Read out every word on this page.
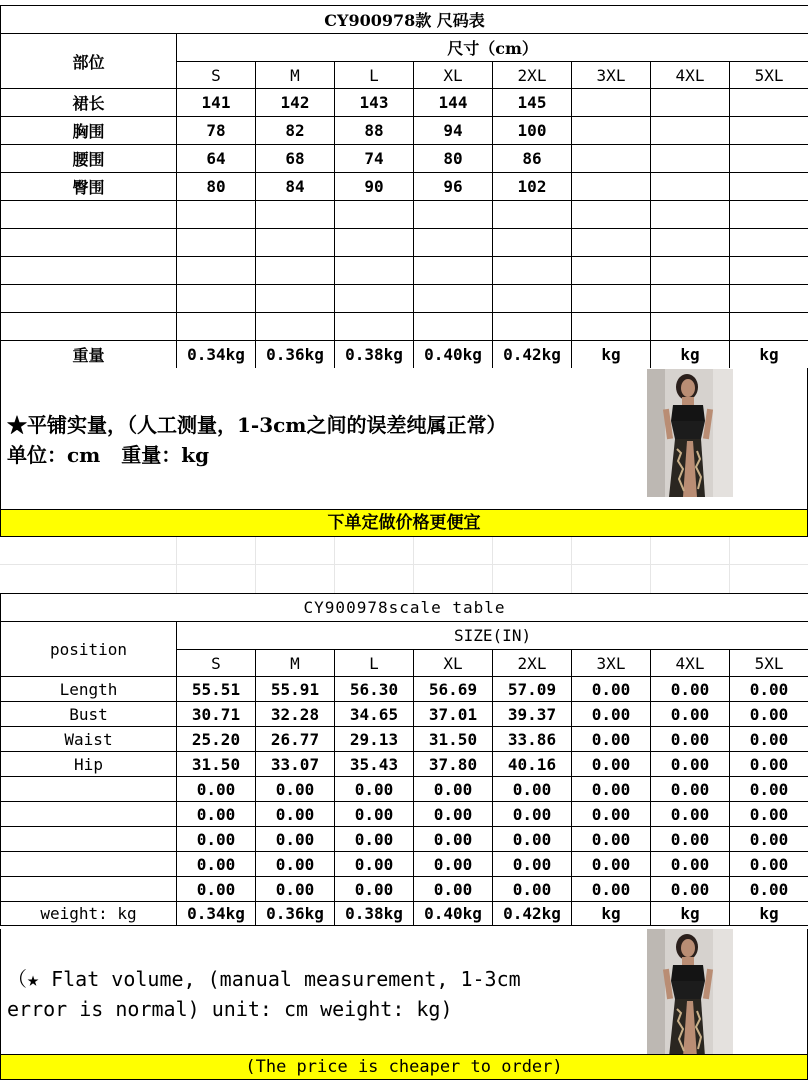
CY900978款 尺码表								
部位	尺寸（cm）							
	S	M	L	XL	2XL	3XL	4XL	5XL
裙长	141	142	143	144	145			
胸围	78	82	88	94	100			
腰围	64	68	74	80	86			
臀围	80	84	90	96	102			

重量	0.34kg	0.36kg	0.38kg	0.40kg	0.42kg	kg	kg	kg
★平铺实量，（人工测量，1-3cm之间的误差纯属正常）
单位：cm   重量：kg
下单定做价格更便宜
CY900978scale table								
position	SIZE(IN)							
	S	M	L	XL	2XL	3XL	4XL	5XL
Length	55.51	55.91	56.30	56.69	57.09	0.00	0.00	0.00
Bust	30.71	32.28	34.65	37.01	39.37	0.00	0.00	0.00
Waist	25.20	26.77	29.13	31.50	33.86	0.00	0.00	0.00
Hip	31.50	33.07	35.43	37.80	40.16	0.00	0.00	0.00
	0.00	0.00	0.00	0.00	0.00	0.00	0.00	0.00
	0.00	0.00	0.00	0.00	0.00	0.00	0.00	0.00
	0.00	0.00	0.00	0.00	0.00	0.00	0.00	0.00
	0.00	0.00	0.00	0.00	0.00	0.00	0.00	0.00
	0.00	0.00	0.00	0.00	0.00	0.00	0.00	0.00
weight: kg	0.34kg	0.36kg	0.38kg	0.40kg	0.42kg	kg	kg	kg
（★ Flat volume, (manual measurement, 1-3cm
error is normal) unit: cm weight: kg)
(The price is cheaper to order)
